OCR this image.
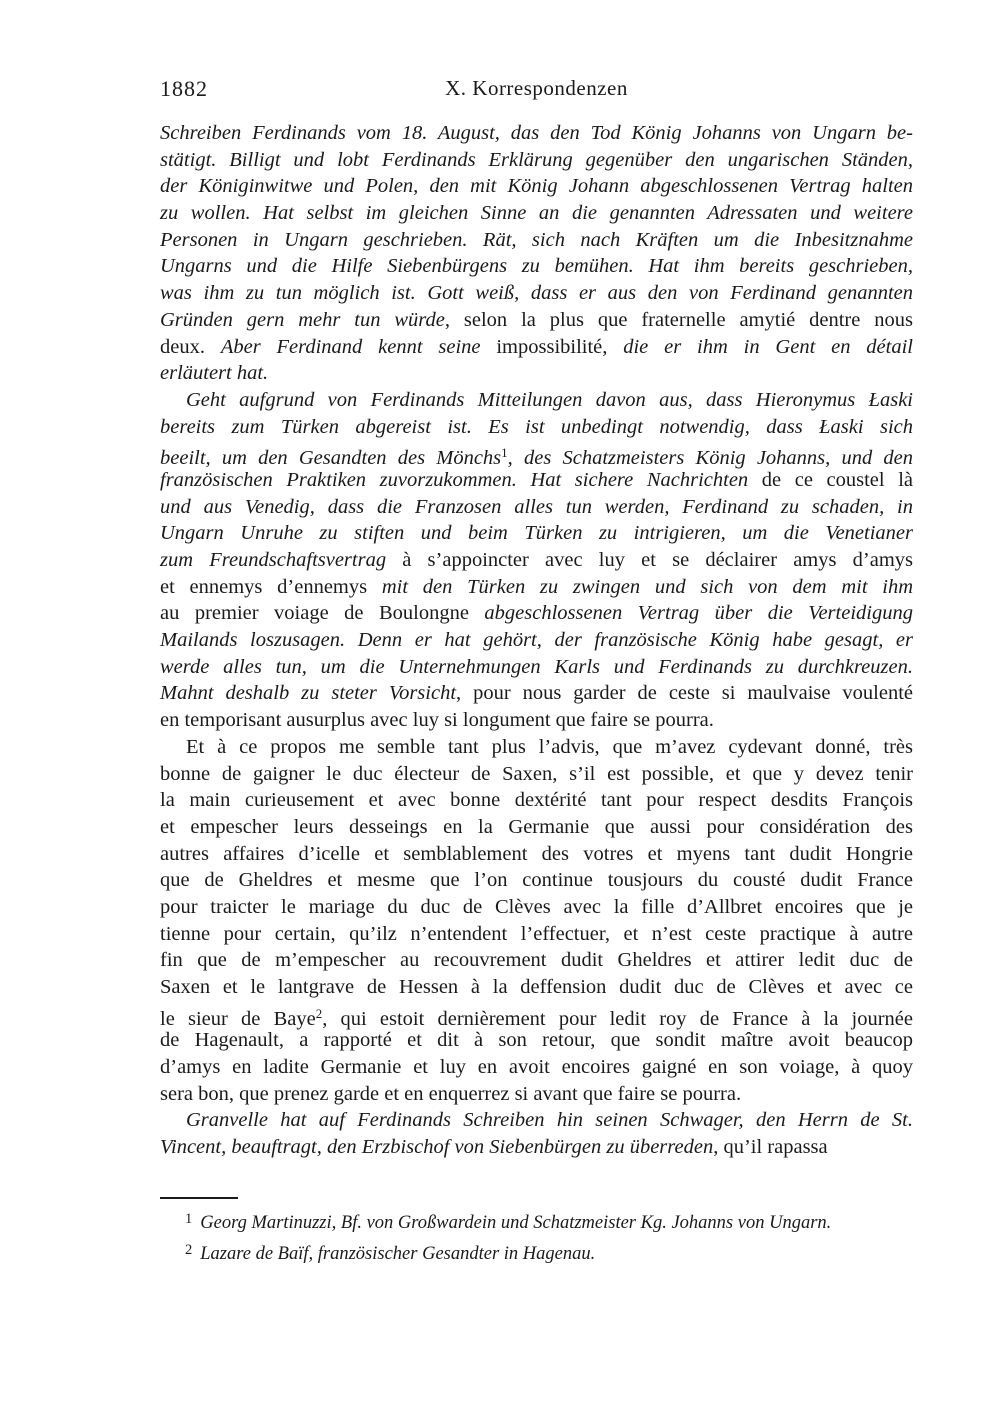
1882	X. Korrespondenzen
Schreiben Ferdinands vom 18. August, das den Tod König Johanns von Ungarn be-
stätigt. Billigt und lobt Ferdinands Erklärung gegenüber den ungarischen Ständen,
der Königinwitwe und Polen, den mit König Johann abgeschlossenen Vertrag halten
zu wollen. Hat selbst im gleichen Sinne an die genannten Adressaten und weitere
Personen in Ungarn geschrieben. Rät, sich nach Kräften um die Inbesitznahme
Ungarns und die Hilfe Siebenbürgens zu bemühen. Hat ihm bereits geschrieben,
was ihm zu tun möglich ist. Gott weiß, dass er aus den von Ferdinand genannten
Gründen gern mehr tun würde, selon la plus que fraternelle amytié dentre nous
deux. Aber Ferdinand kennt seine impossibilité, die er ihm in Gent en détail
erläutert hat.
Geht aufgrund von Ferdinands Mitteilungen davon aus, dass Hieronymus Łaski
bereits zum Türken abgereist ist. Es ist unbedingt notwendig, dass Łaski sich
beeilt, um den Gesandten des Mönchs$^1$, des Schatzmeisters König Johanns, und den
französischen Praktiken zuvorzukommen. Hat sichere Nachrichten de ce coustel là
und aus Venedig, dass die Franzosen alles tun werden, Ferdinand zu schaden, in
Ungarn Unruhe zu stiften und beim Türken zu intrigieren, um die Venetianer
zum Freundschaftsvertrag à s’appoincter avec luy et se déclairer amys d’amys
et ennemys d’ennemys mit den Türken zu zwingen und sich von dem mit ihm
au premier voiage de Boulongne abgeschlossenen Vertrag über die Verteidigung
Mailands loszusagen. Denn er hat gehört, der französische König habe gesagt, er
werde alles tun, um die Unternehmungen Karls und Ferdinands zu durchkreuzen.
Mahnt deshalb zu steter Vorsicht, pour nous garder de ceste si maulvaise voulenté
en temporisant ausurplus avec luy si longument que faire se pourra.
Et à ce propos me semble tant plus l’advis, que m’avez cydevant donné, très
bonne de gaigner le duc électeur de Saxen, s’il est possible, et que y devez tenir
la main curieusement et avec bonne dextérité tant pour respect desdits François
et empescher leurs desseings en la Germanie que aussi pour considération des
autres affaires d’icelle et semblablement des votres et myens tant dudit Hongrie
que de Gheldres et mesme que l’on continue tousjours du cousté dudit France
pour traicter le mariage du duc de Clèves avec la fille d’Allbret encoires que je
tienne pour certain, qu’ilz n’entendent l’effectuer, et n’est ceste practique à autre
fin que de m’empescher au recouvrement dudit Gheldres et attirer ledit duc de
Saxen et le lantgrave de Hessen à la deffension dudit duc de Clèves et avec ce
le sieur de Baye$^2$, qui estoit dernièrement pour ledit roy de France à la journée
de Hagenault, a rapporté et dit à son retour, que sondit maître avoit beaucop
d’amys en ladite Germanie et luy en avoit encoires gaigné en son voiage, à quoy
sera bon, que prenez garde et en enquerrez si avant que faire se pourra.
Granvelle hat auf Ferdinands Schreiben hin seinen Schwager, den Herrn de St.
Vincent, beauftragt, den Erzbischof von Siebenbürgen zu überreden, qu’il rapassa
$^1$ Georg Martinuzzi, Bf. von Großwardein und Schatzmeister Kg. Johanns von Ungarn.
$^2$ Lazare de Baïf, französischer Gesandter in Hagenau.
